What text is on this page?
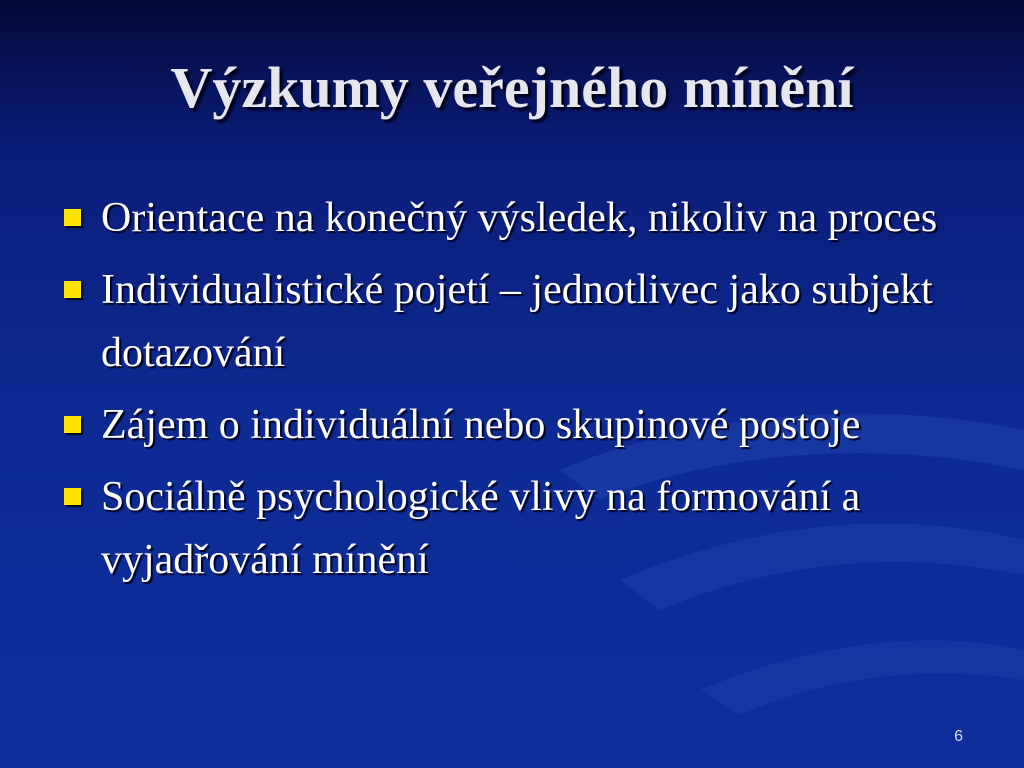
Výzkumy veřejného mínění
Orientace na konečný výsledek, nikoliv na proces
Individualistické pojetí – jednotlivec jako subjekt dotazování
Zájem o individuální nebo skupinové postoje
Sociálně psychologické vlivy na formování a vyjadřování mínění
6
